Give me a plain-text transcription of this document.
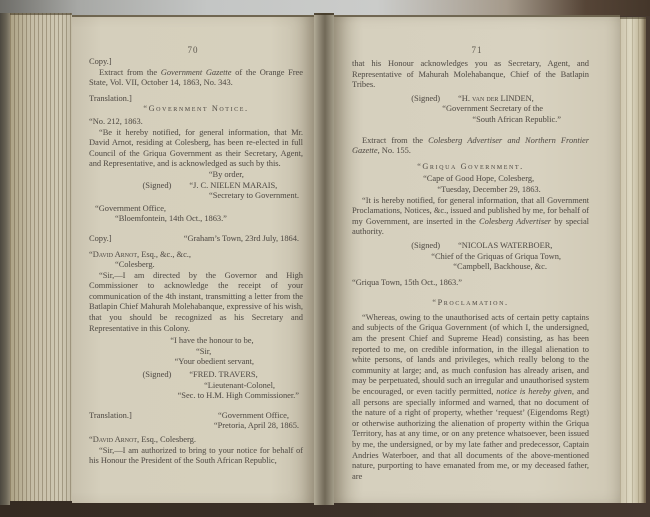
70
Copy.]
Extract from the Government Gazette of the Orange Free State, Vol. VII, October 14, 1863, No. 343.
Translation.]
“Government Notice.
“No. 212, 1863.
“Be it hereby notified, for general information, that Mr. David Arnot, residing at Colesberg, has been re-elected in full Council of the Griqua Government as their Secretary, Agent, and Representative, and is acknowledged as such by this.
“By order,
(Signed) “J. C. NIELEN MARAIS,
“Secretary to Government.
“Government Office,
“Bloemfontein, 14th Oct., 1863.”
Copy.]	“Graham’s Town, 23rd July, 1864.
“David Arnot, Esq., &c., &c.,
“Colesberg.
“Sir,—I am directed by the Governor and High Commissioner to acknowledge the receipt of your communication of the 4th instant, transmitting a letter from the Batlapin Chief Mahurah Molehabanque, expressive of his wish, that you should be recognized as his Secretary and Representative in this Colony.
“I have the honour to be,
“Sir,
“Your obedient servant,
(Signed) “FRED. TRAVERS,
“Lieutenant-Colonel,
“Sec. to H.M. High Commissioner.”
Translation.]	“Government Office,
“Pretoria, April 28, 1865.
“David Arnot, Esq., Colesberg.
“Sir,—I am authorized to bring to your notice for behalf of his Honour the President of the South African Republic,
71
that his Honour acknowledges you as Secretary, Agent, and Representative of Mahurah Molehabanque, Chief of the Batlapin Tribes.
(Signed) “H. van der LINDEN,
“Government Secretary of the
“South African Republic.”
Extract from the Colesberg Advertiser and Northern Frontier Gazette, No. 155.
“Griqua Government.
“Cape of Good Hope, Colesberg,
“Tuesday, December 29, 1863.
“It is hereby notified, for general information, that all Government Proclamations, Notices, &c., issued and published by me, for behalf of my Government, are inserted in the Colesberg Advertiser by special authority.
(Signed) “NICOLAS WATERBOER,
“Chief of the Griquas of Griqua Town,
“Campbell, Backhouse, &c.
“Griqua Town, 15th Oct., 1863.”
“Proclamation.
“Whereas, owing to the unauthorised acts of certain petty captains and subjects of the Griqua Government (of which I, the undersigned, am the present Chief and Supreme Head) consisting, as has been reported to me, on credible information, in the illegal alienation to white persons, of lands and privileges, which really belong to the community at large; and, as much confusion has already arisen, and may be perpetuated, should such an irregular and unauthorised system be encouraged, or even tacitly permitted, notice is hereby given, and all persons are specially informed and warned, that no document of the nature of a right of property, whether ‘request’ (Eigendoms Regt) or otherwise authorizing the alienation of property within the Griqua Territory, has at any time, or on any pretence whatsoever, been issued by me, the undersigned, or by my late father and predecessor, Captain Andries Waterboer, and that all documents of the above-mentioned nature, purporting to have emanated from me, or my deceased father, are
